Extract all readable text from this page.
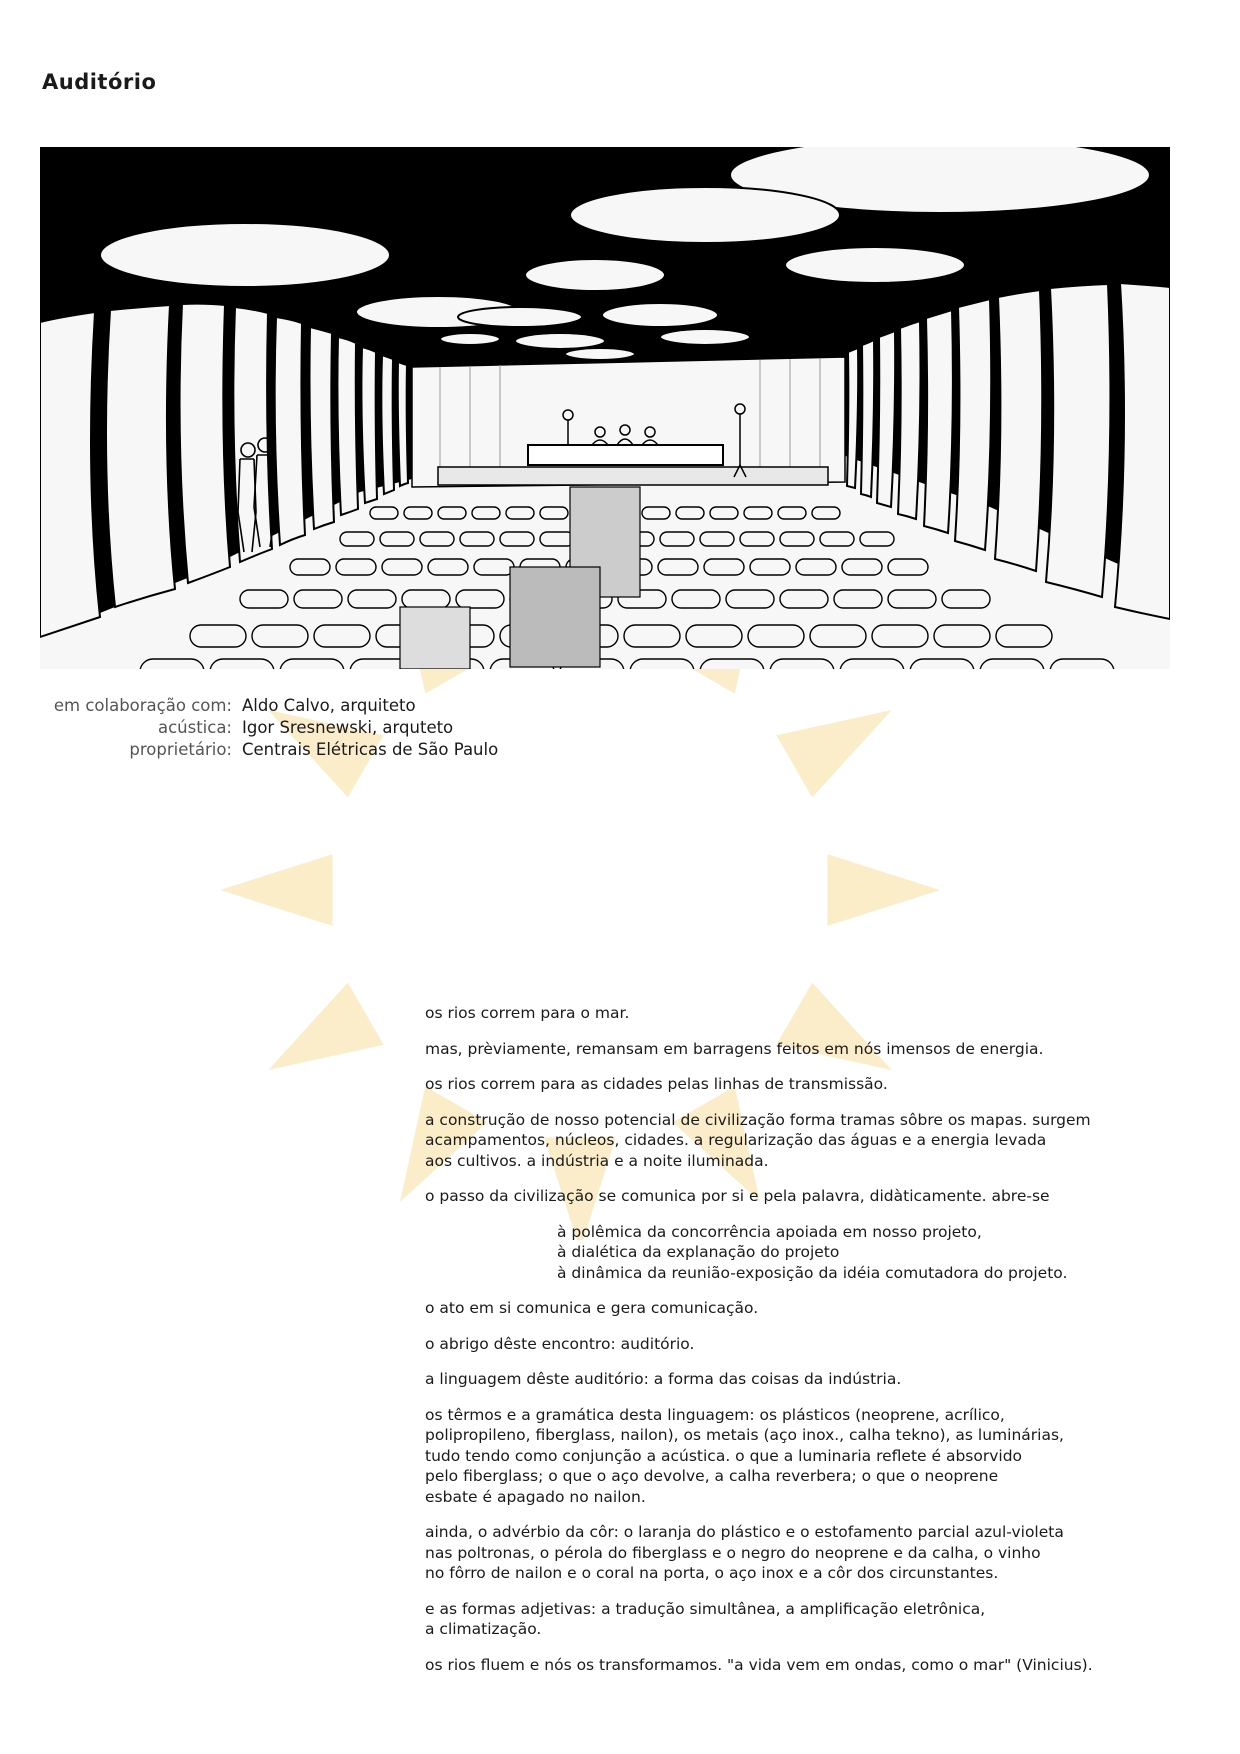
Auditório
em colaboração com: Aldo Calvo, arquiteto
acústica: Igor Sresnewski, arquteto
proprietário: Centrais Elétricas de São Paulo

os rios correm para o mar.

mas, prèviamente, remansam em barragens feitos em nós imensos de energia.

os rios correm para as cidades pelas linhas de transmissão.

a construção de nosso potencial de civilização forma tramas sôbre os mapas. surgem
acampamentos, núcleos, cidades. a regularização das águas e a energia levada
aos cultivos. a indústria e a noite iluminada.

o passo da civilização se comunica por si e pela palavra, didàticamente. abre-se

à polêmica da concorrência apoiada em nosso projeto,
à dialética da explanação do projeto
à dinâmica da reunião-exposição da idéia comutadora do projeto.

o ato em si comunica e gera comunicação.

o abrigo dêste encontro: auditório.

a linguagem dêste auditório: a forma das coisas da indústria.

os têrmos e a gramática desta linguagem: os plásticos (neoprene, acrílico,
polipropileno, fiberglass, nailon), os metais (aço inox., calha tekno), as luminárias,
tudo tendo como conjunção a acústica. o que a luminaria reflete é absorvido
pelo fiberglass; o que o aço devolve, a calha reverbera; o que o neoprene
esbate é apagado no nailon.

ainda, o advérbio da côr: o laranja do plástico e o estofamento parcial azul-violeta
nas poltronas, o pérola do fiberglass e o negro do neoprene e da calha, o vinho
no fôrro de nailon e o coral na porta, o aço inox e a côr dos circunstantes.

e as formas adjetivas: a tradução simultânea, a amplificação eletrônica,
a climatização.

os rios fluem e nós os transformamos. "a vida vem em ondas, como o mar" (Vinicius).
